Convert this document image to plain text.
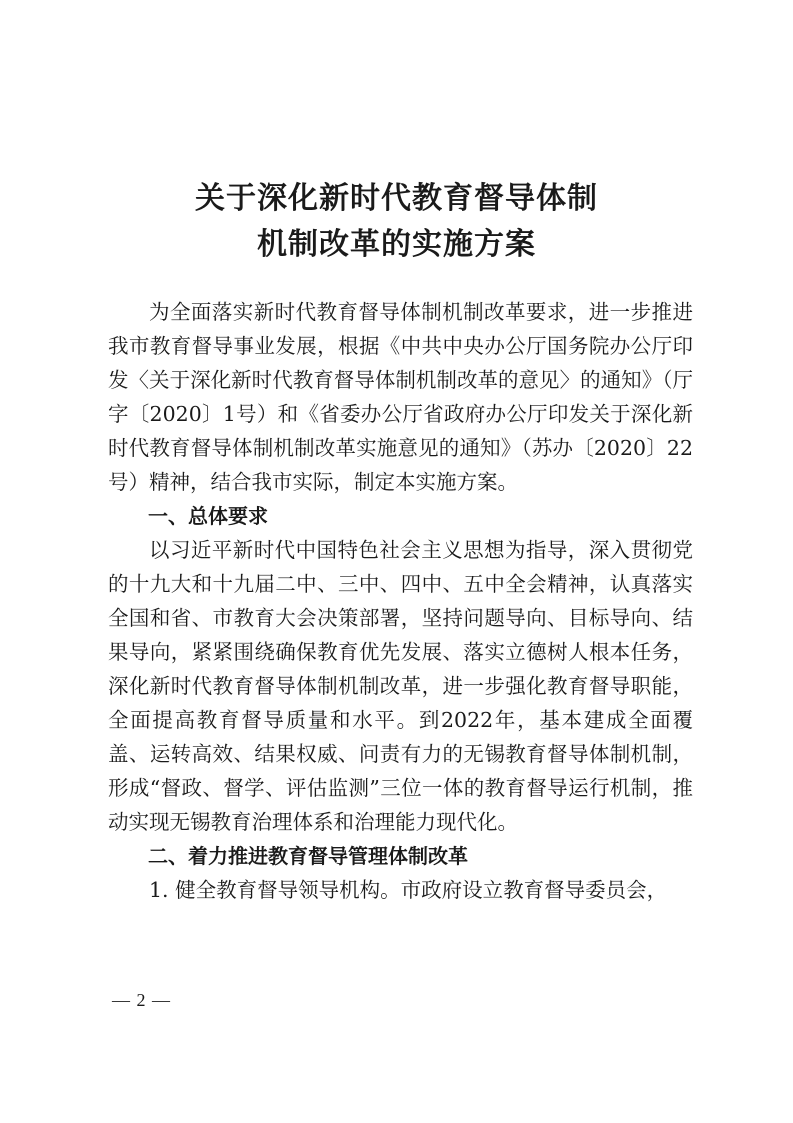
关于深化新时代教育督导体制
机制改革的实施方案

为全面落实新时代教育督导体制机制改革要求，进一步推进我市教育督导事业发展，根据《中共中央办公厅国务院办公厅印发〈关于深化新时代教育督导体制机制改革的意见〉的通知》（厅字〔2020〕1号）和《省委办公厅省政府办公厅印发关于深化新时代教育督导体制机制改革实施意见的通知》（苏办〔2020〕22号）精神，结合我市实际，制定本实施方案。

一、总体要求

以习近平新时代中国特色社会主义思想为指导，深入贯彻党的十九大和十九届二中、三中、四中、五中全会精神，认真落实全国和省、市教育大会决策部署，坚持问题导向、目标导向、结果导向，紧紧围绕确保教育优先发展、落实立德树人根本任务，深化新时代教育督导体制机制改革，进一步强化教育督导职能，全面提高教育督导质量和水平。到2022年，基本建成全面覆盖、运转高效、结果权威、问责有力的无锡教育督导体制机制，形成“督政、督学、评估监测”三位一体的教育督导运行机制，推动实现无锡教育治理体系和治理能力现代化。

二、着力推进教育督导管理体制改革

1. 健全教育督导领导机构。市政府设立教育督导委员会，

— 2 —
